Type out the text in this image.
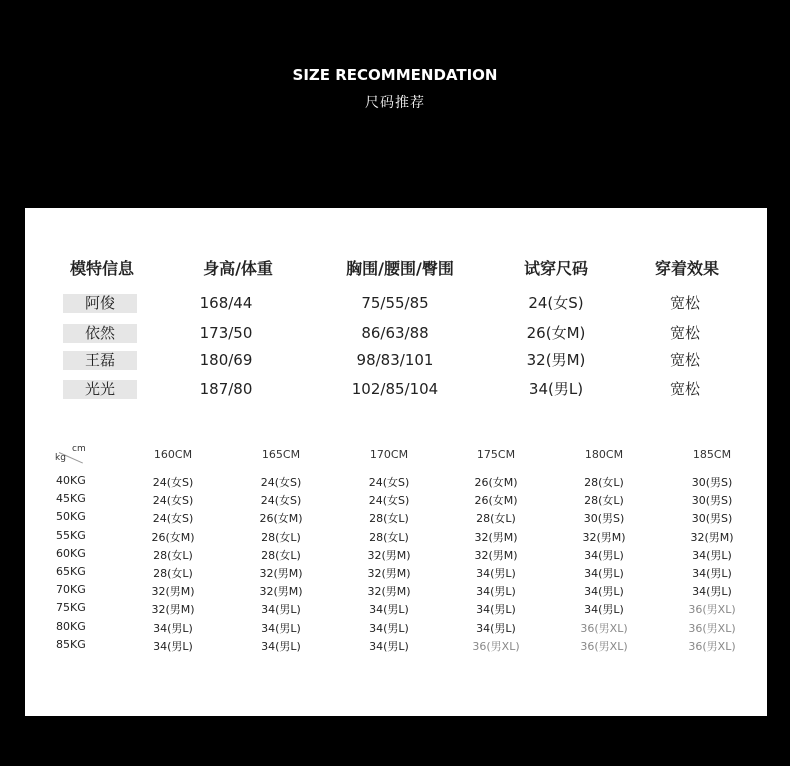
SIZE RECOMMENDATION
尺码推荐
模特信息	身高/体重	胸围/腰围/臀围	试穿尺码	穿着效果
阿俊	168/44	75/55/85	24(女S)	宽松
依然	173/50	86/63/88	26(女M)	宽松
王磊	180/69	98/83/101	32(男M)	宽松
光光	187/80	102/85/104	34(男L)	宽松
cm
kg	160CM	165CM	170CM	175CM	180CM	185CM
40KG	24(女S)	24(女S)	24(女S)	26(女M)	28(女L)	30(男S)
45KG	24(女S)	24(女S)	24(女S)	26(女M)	28(女L)	30(男S)
50KG	24(女S)	26(女M)	28(女L)	28(女L)	30(男S)	30(男S)
55KG	26(女M)	28(女L)	28(女L)	32(男M)	32(男M)	32(男M)
60KG	28(女L)	28(女L)	32(男M)	32(男M)	34(男L)	34(男L)
65KG	28(女L)	32(男M)	32(男M)	34(男L)	34(男L)	34(男L)
70KG	32(男M)	32(男M)	32(男M)	34(男L)	34(男L)	34(男L)
75KG	32(男M)	34(男L)	34(男L)	34(男L)	34(男L)	36(男XL)
80KG	34(男L)	34(男L)	34(男L)	34(男L)	36(男XL)	36(男XL)
85KG	34(男L)	34(男L)	34(男L)	36(男XL)	36(男XL)	36(男XL)
